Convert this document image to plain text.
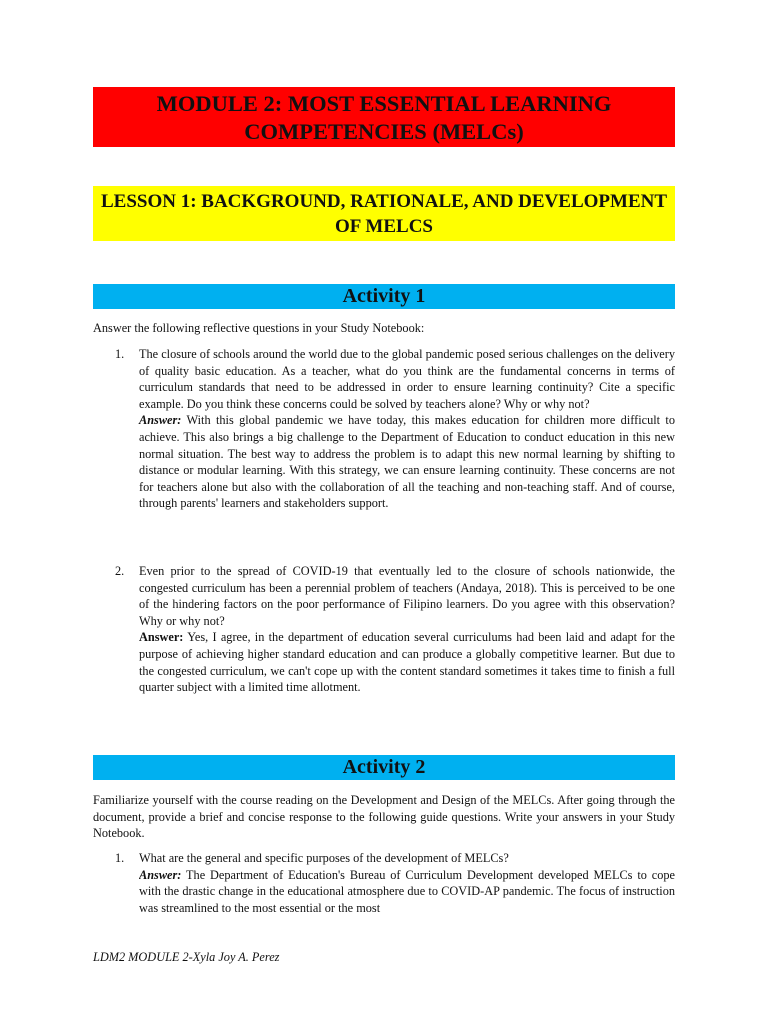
MODULE 2: MOST ESSENTIAL LEARNING COMPETENCIES (MELCs)
LESSON 1: BACKGROUND, RATIONALE, AND DEVELOPMENT OF MELCS
Activity 1
Answer the following reflective questions in your Study Notebook:
1. The closure of schools around the world due to the global pandemic posed serious challenges on the delivery of quality basic education. As a teacher, what do you think are the fundamental concerns in terms of curriculum standards that need to be addressed in order to ensure learning continuity? Cite a specific example. Do you think these concerns could be solved by teachers alone? Why or why not?
Answer: With this global pandemic we have today, this makes education for children more difficult to achieve. This also brings a big challenge to the Department of Education to conduct education in this new normal situation. The best way to address the problem is to adapt this new normal learning by shifting to distance or modular learning. With this strategy, we can ensure learning continuity. These concerns are not for teachers alone but also with the collaboration of all the teaching and non-teaching staff. And of course, through parents' learners and stakeholders support.
2. Even prior to the spread of COVID-19 that eventually led to the closure of schools nationwide, the congested curriculum has been a perennial problem of teachers (Andaya, 2018). This is perceived to be one of the hindering factors on the poor performance of Filipino learners. Do you agree with this observation? Why or why not?
Answer: Yes, I agree, in the department of education several curriculums had been laid and adapt for the purpose of achieving higher standard education and can produce a globally competitive learner. But due to the congested curriculum, we can't cope up with the content standard sometimes it takes time to finish a full quarter subject with a limited time allotment.
Activity 2
Familiarize yourself with the course reading on the Development and Design of the MELCs. After going through the document, provide a brief and concise response to the following guide questions. Write your answers in your Study Notebook.
1. What are the general and specific purposes of the development of MELCs?
Answer: The Department of Education's Bureau of Curriculum Development developed MELCs to cope with the drastic change in the educational atmosphere due to COVID-AP pandemic. The focus of instruction was streamlined to the most essential or the most
LDM2 MODULE 2-Xyla Joy A. Perez
